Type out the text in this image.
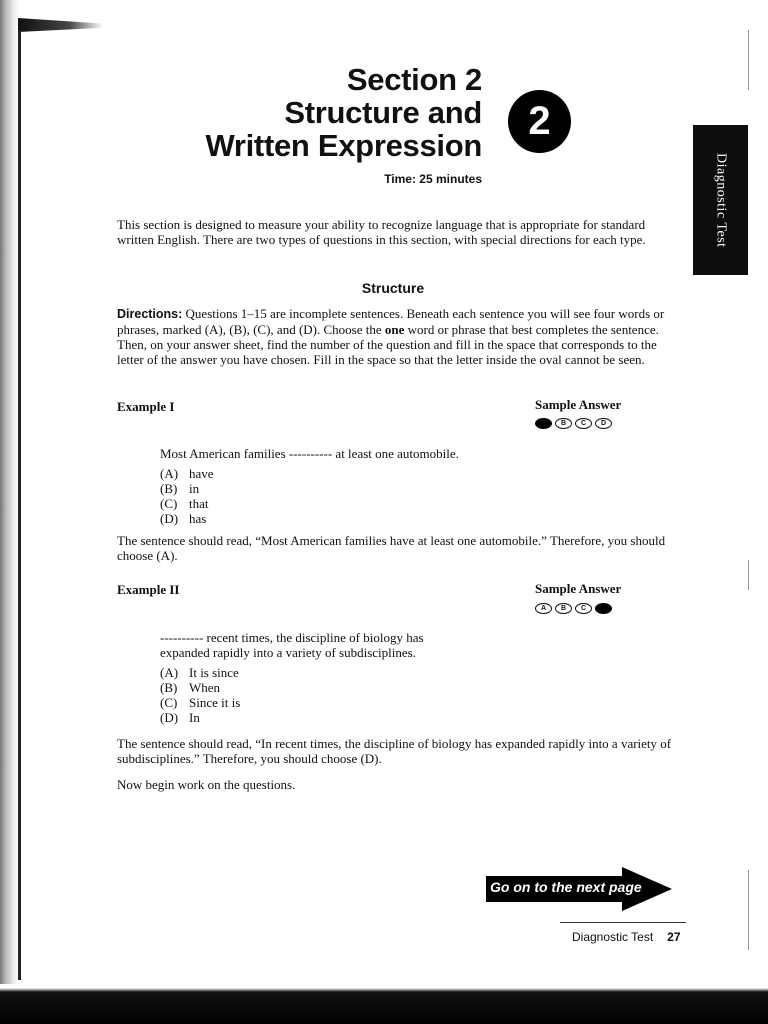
Diagnostic Test
Section 2
Structure and
Written Expression
Time: 25 minutes
2
This section is designed to measure your ability to recognize language that is appropriate for standard written English. There are two types of questions in this section, with special directions for each type.
Structure
Directions: Questions 1–15 are incomplete sentences. Beneath each sentence you will see four words or phrases, marked (A), (B), (C), and (D). Choose the one word or phrase that best completes the sentence. Then, on your answer sheet, find the number of the question and fill in the space that corresponds to the letter of the answer you have chosen. Fill in the space so that the letter inside the oval cannot be seen.
Example I	Sample Answer
A	B	C	D
Most American families ---------- at least one automobile.
(A) have
(B) in
(C) that
(D) has
The sentence should read, “Most American families have at least one automobile.” Therefore, you should choose (A).
Example II	Sample Answer
A	B	C	D
---------- recent times, the discipline of biology has
expanded rapidly into a variety of subdisciplines.
(A) It is since
(B) When
(C) Since it is
(D) In
The sentence should read, “In recent times, the discipline of biology has expanded rapidly into a variety of subdisciplines.” Therefore, you should choose (D).
Now begin work on the questions.
Go on to the next page
Diagnostic Test 27
